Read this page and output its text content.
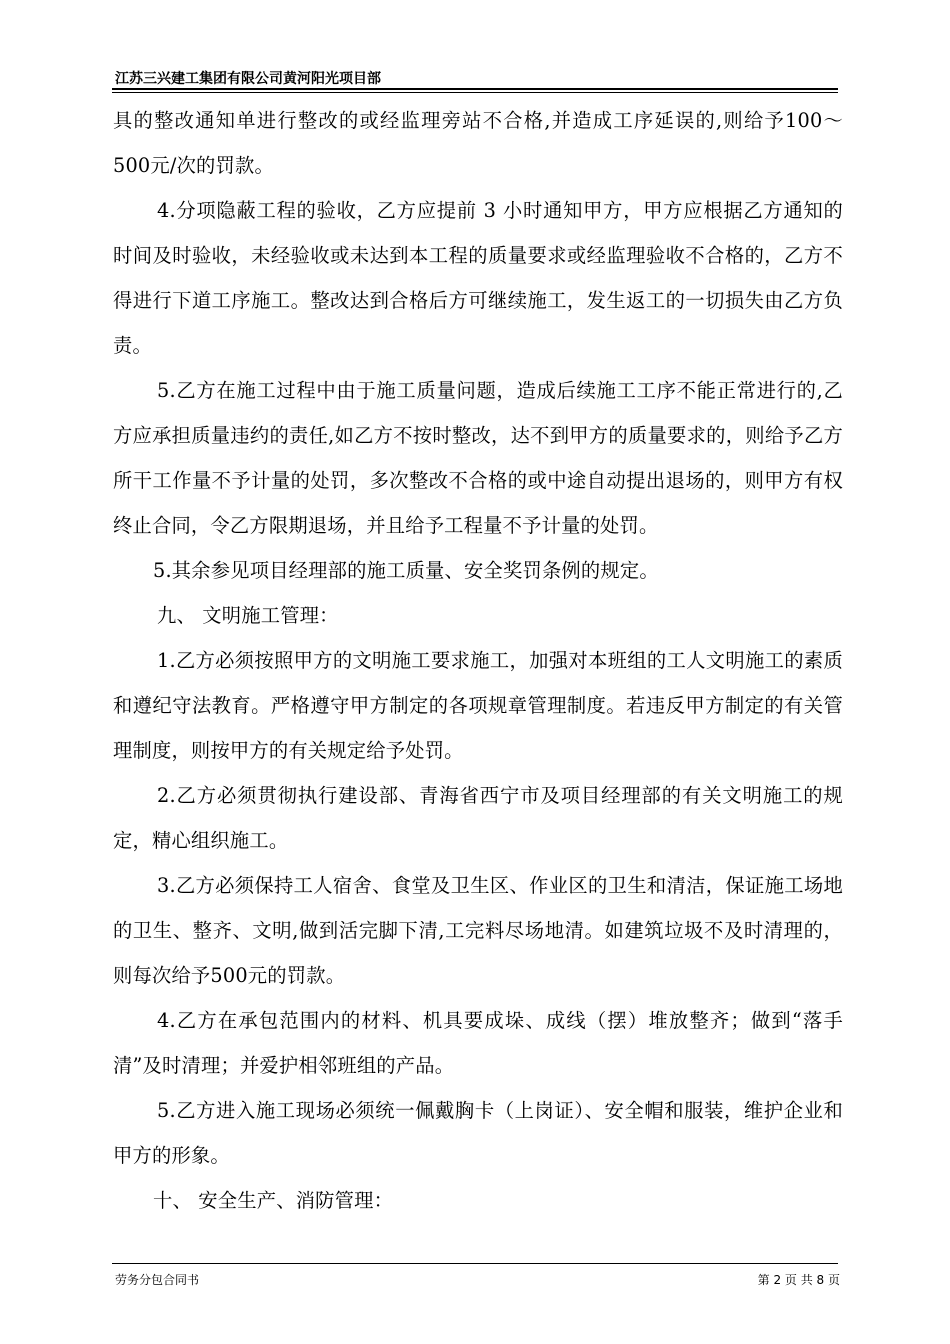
江苏三兴建工集团有限公司黄河阳光项目部

具的整改通知单进行整改的或经监理旁站不合格,并造成工序延误的,则给予100～500元/次的罚款。

4.分项隐蔽工程的验收，乙方应提前 3 小时通知甲方，甲方应根据乙方通知的时间及时验收，未经验收或未达到本工程的质量要求或经监理验收不合格的，乙方不得进行下道工序施工。整改达到合格后方可继续施工，发生返工的一切损失由乙方负责。

5.乙方在施工过程中由于施工质量问题，造成后续施工工序不能正常进行的,乙方应承担质量违约的责任,如乙方不按时整改，达不到甲方的质量要求的，则给予乙方所干工作量不予计量的处罚，多次整改不合格的或中途自动提出退场的，则甲方有权终止合同，令乙方限期退场，并且给予工程量不予计量的处罚。

5.其余参见项目经理部的施工质量、安全奖罚条例的规定。

九、 文明施工管理：

1.乙方必须按照甲方的文明施工要求施工，加强对本班组的工人文明施工的素质和遵纪守法教育。严格遵守甲方制定的各项规章管理制度。若违反甲方制定的有关管理制度，则按甲方的有关规定给予处罚。

2.乙方必须贯彻执行建设部、青海省西宁市及项目经理部的有关文明施工的规定，精心组织施工。

3.乙方必须保持工人宿舍、食堂及卫生区、作业区的卫生和清洁，保证施工场地的卫生、整齐、文明,做到活完脚下清,工完料尽场地清。如建筑垃圾不及时清理的，则每次给予500元的罚款。

4.乙方在承包范围内的材料、机具要成垛、成线（摆）堆放整齐；做到“落手清”及时清理；并爱护相邻班组的产品。

5.乙方进入施工现场必须统一佩戴胸卡（上岗证）、安全帽和服装，维护企业和甲方的形象。

十、 安全生产、消防管理：

劳务分包合同书	第 2 页 共 8 页
